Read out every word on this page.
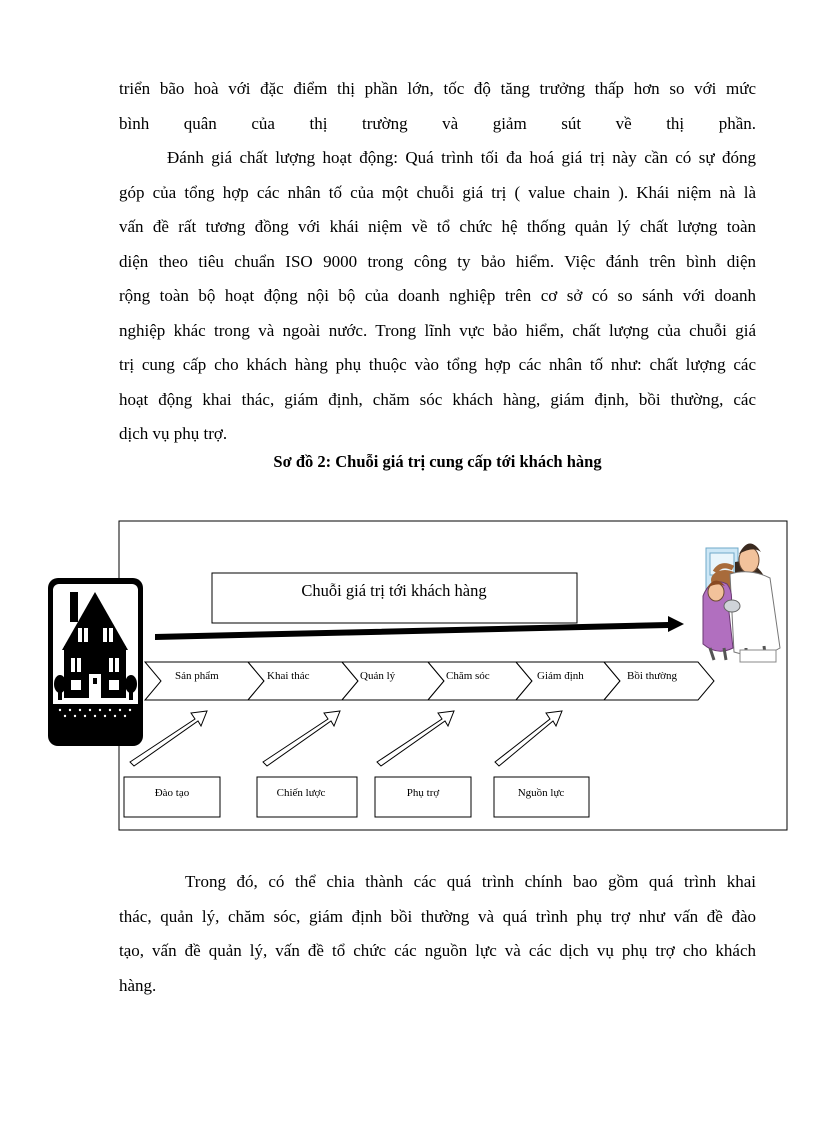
triển bão hoà với đặc điểm thị phần lớn, tốc độ tăng trưởng thấp hơn so với mức
bình quân của thị trường và giảm sút về thị phần.
Đánh giá chất lượng hoạt động: Quá trình tối đa hoá giá trị này cần có sự đóng
góp của tổng hợp các nhân tố của một chuỗi giá trị ( value chain ). Khái niệm nà là
vấn đề rất tương đồng với khái niệm về tổ chức hệ thống quản lý chất lượng toàn
diện theo tiêu chuẩn ISO 9000 trong công ty bảo hiểm. Việc đánh trên bình diện
rộng toàn bộ hoạt động nội bộ của doanh nghiệp trên cơ sở có so sánh với doanh
nghiệp khác trong và ngoài nước. Trong lĩnh vực bảo hiểm, chất lượng của chuỗi giá
trị cung cấp cho khách hàng phụ thuộc vào tổng hợp các nhân tố như: chất lượng các
hoạt động khai thác, giám định, chăm sóc khách hàng, giám định, bồi thường, các
dịch vụ phụ trợ.
Sơ đồ 2: Chuỗi giá trị cung cấp tới khách hàng
Chuỗi giá trị tới khách hàng
Sản phẩm	Khai thác	Quản lý	Chăm sóc	Giám định	Bồi thường
Đào tạo	Chiến lược	Phụ trợ	Nguồn lực
Trong đó, có thể chia thành các quá trình chính bao gồm quá trình khai
thác, quản lý, chăm sóc, giám định bồi thường và quá trình phụ trợ như vấn đề đào
tạo, vấn đề quản lý, vấn đề tổ chức các nguồn lực và các dịch vụ phụ trợ cho khách
hàng.
